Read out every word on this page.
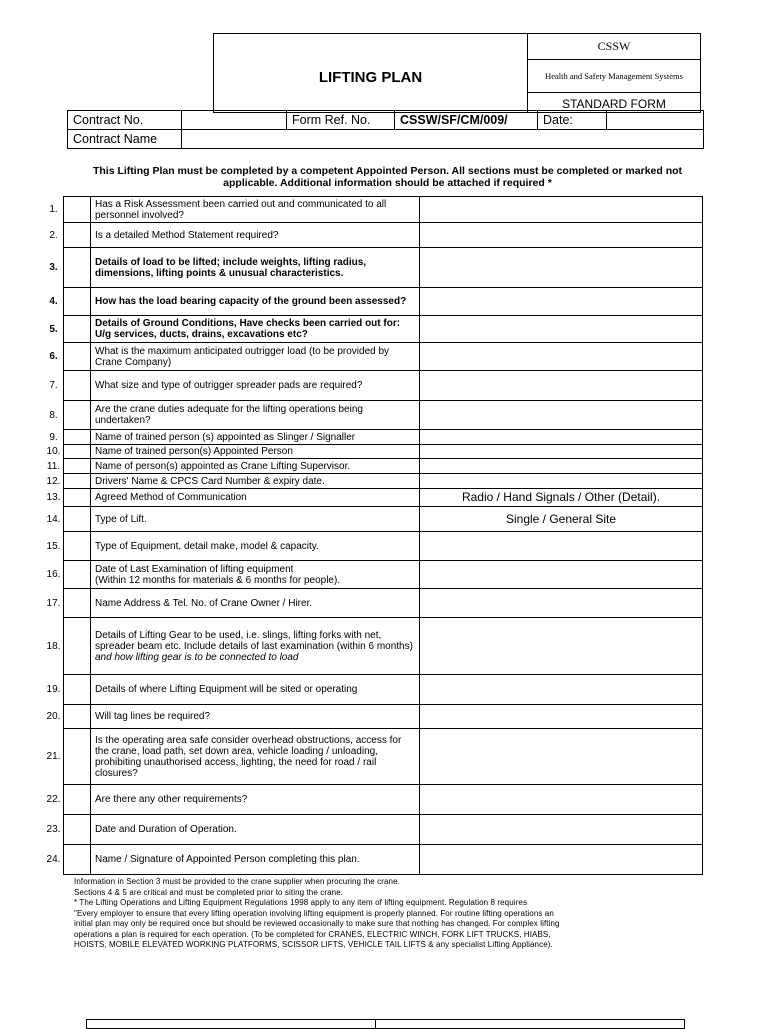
LIFTING PLAN
CSSW
Health and Safety Management Systems
STANDARD FORM
Contract No.		Form Ref. No.	CSSW/SF/CM/009/	Date:	
Contract Name					
This Lifting Plan must be completed by a competent Appointed Person. All sections must be completed or marked not applicable. Additional information should be attached if required *
1.		Has a Risk Assessment been carried out and communicated to all personnel involved?	
2.		Is a detailed Method Statement required?	
3.		Details of load to be lifted; include weights, lifting radius, dimensions, lifting points & unusual characteristics.	
4.		How has the load bearing capacity of the ground been assessed?	
5.		Details of Ground Conditions, Have checks been carried out for: U/g services, ducts, drains, excavations etc?	
6.		What is the maximum anticipated outrigger load (to be provided by Crane Company)	
7.		What size and type of outrigger spreader pads are required?	
8.		Are the crane duties adequate for the lifting operations being undertaken?	
9.		Name of trained person (s) appointed as Slinger / Signaller	
10.		Name of trained person(s) Appointed Person	
11.		Name of person(s) appointed as Crane Lifting Supervisor.	
12.		Drivers' Name & CPCS Card Number & expiry date.	
13.		Agreed Method of Communication	Radio / Hand Signals / Other (Detail).
14.		Type of Lift.	Single / General Site
15.		Type of Equipment, detail make, model & capacity.	
16.		Date of Last Examination of lifting equipment
(Within 12 months for materials & 6 months for people).	
17.		Name Address & Tel. No. of Crane Owner / Hirer.	
18.		Details of Lifting Gear to be used, i.e. slings, lifting forks with net, spreader beam etc. Include details of last examination (within 6 months) and how lifting gear is to be connected to load	
19.		Details of where Lifting Equipment will be sited or operating	
20.		Will tag lines be required?	
21.		Is the operating area safe consider overhead obstructions, access for the crane, load path, set down area, vehicle loading / unloading, prohibiting unauthorised access, lighting, the need for road / rail closures?	
22.		Are there any other requirements?	
23.		Date and Duration of Operation.	
24.		Name / Signature of Appointed Person completing this plan.	
Information in Section 3 must be provided to the crane supplier when procuring the crane.
Sections 4 & 5 are critical and must be completed prior to siting the crane.
* The Lifting Operations and Lifting Equipment Regulations 1998 apply to any item of lifting equipment. Regulation 8 requires
"Every employer to ensure that every lifting operation involving lifting equipment is properly planned. For routine lifting operations an
initial plan may only be required once but should be reviewed occasionally to make sure that nothing has changed. For complex lifting
operations a plan is required for each operation. (To be completed for CRANES, ELECTRIC WINCH, FORK LIFT TRUCKS, HIABS,
HOISTS, MOBILE ELEVATED WORKING PLATFORMS, SCISSOR LIFTS, VEHICLE TAIL LIFTS & any specialist Lifting Appliance).
